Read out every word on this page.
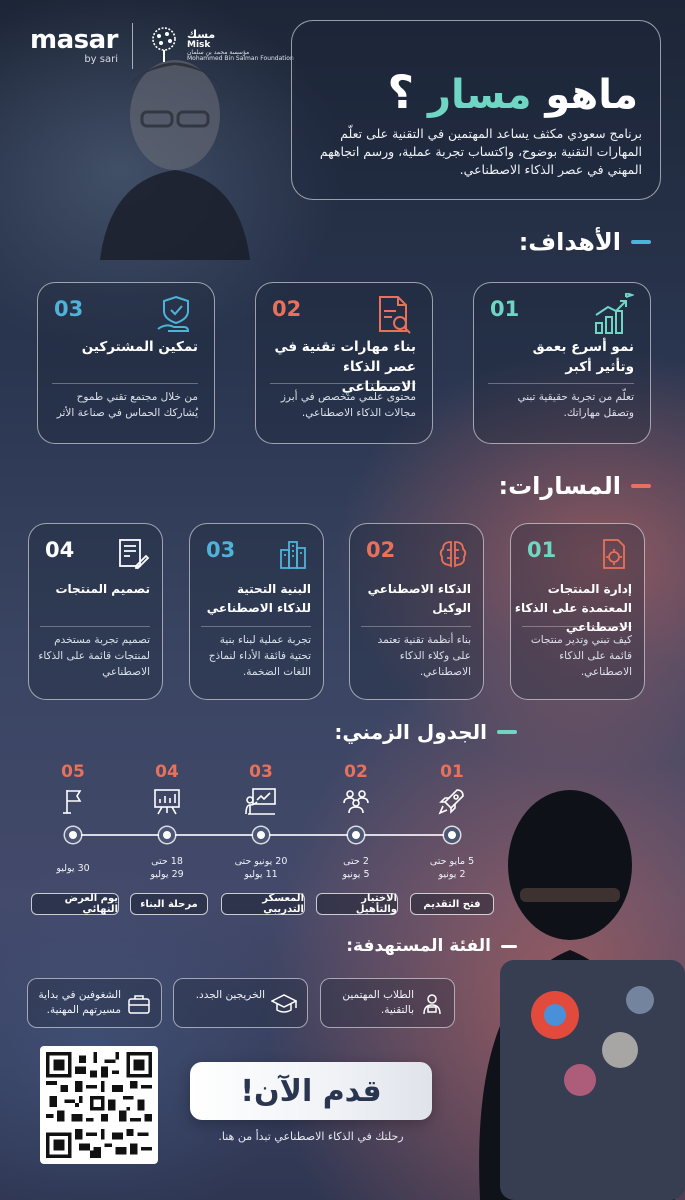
masar
by sari
مسك
Misk
مؤسسة محمد بن سلمان
Mohammed Bin Salman Foundation
ماهو مسار ؟
برنامج سعودي مكثف يساعد المهتمين في التقنية على تعلّم المهارات التقنية بوضوح، واكتساب تجربة عملية، ورسم اتجاههم المهني في عصر الذكاء الاصطناعي.
الأهداف:
01
نمو أسرع بعمق وتأثير أكبر
تعلّم من تجربة حقيقية تبني وتصقل مهاراتك.
02
بناء مهارات تقنية في عصر الذكاء الاصطناعي
محتوى علمي متخصص في أبرز مجالات الذكاء الاصطناعي.
03
تمكين المشتركين
من خلال مجتمع تقني طموح يُشاركك الحماس في صناعة الأثر
المسارات:
01
إدارة المنتجات المعتمدة على الذكاء الاصطناعي
كيف تبني وتدير منتجات قائمة على الذكاء الاصطناعي.
02
الذكاء الاصطناعي الوكيل
بناء أنظمة تقنية تعتمد على وكلاء الذكاء الاصطناعي.
03
البنية التحتية للذكاء الاصطناعي
تجربة عملية لبناء بنية تحتية فائقة الأداء لنماذج اللغات الضخمة.
04
تصميم المنتجات
تصميم تجربة مستخدم لمنتجات قائمة على الذكاء الاصطناعي
الجدول الزمني:
01
5 مايو حتى
2 يونيو
فتح التقديم
02
2 حتى
5 يونيو
الاختيار والتأهيل
03
20 يونيو حتى
11 يوليو
المعسكر التدريبي
04
18 حتى
29 يوليو
مرحلة البناء
05
30 يوليو
يوم العرض النهائي
الفئة المستهدفة:
الطلاب المهتمين بالتقنية.
الخريجين الجدد.
الشغوفين في بداية مسيرتهم المهنية.
قدم الآن!
رحلتك في الذكاء الاصطناعي تبدأ من هنا.
